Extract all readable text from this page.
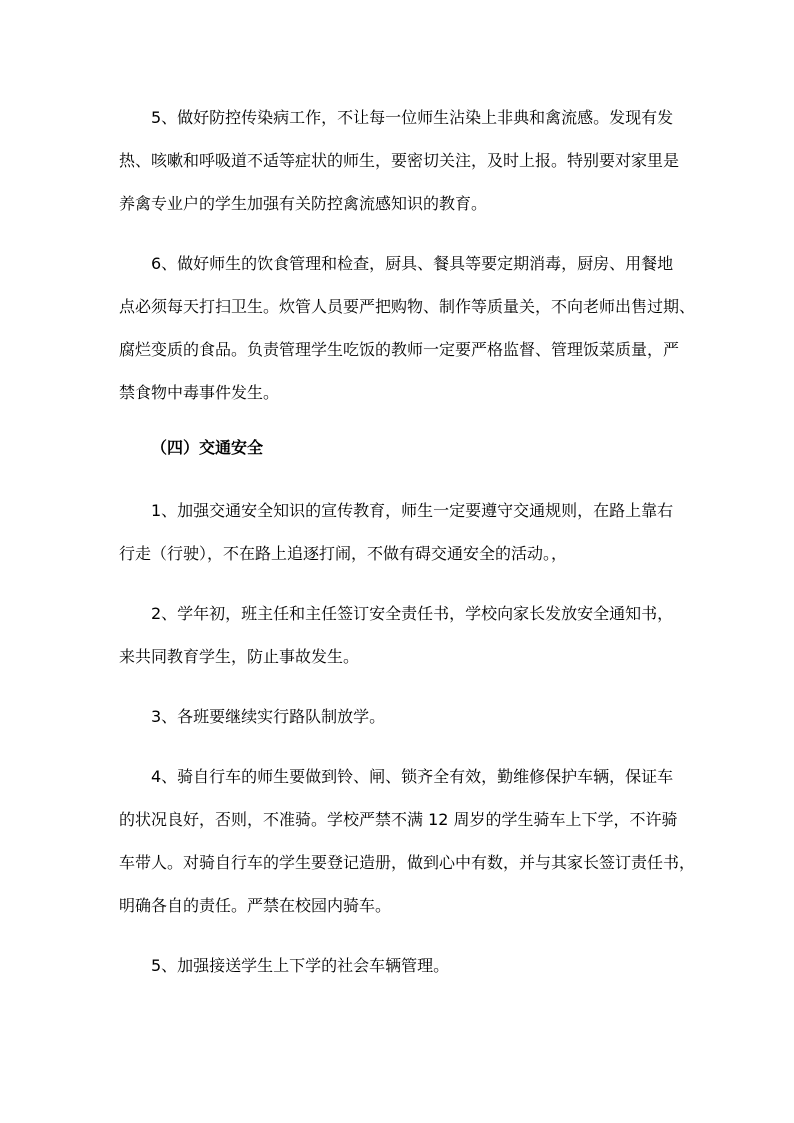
5、做好防控传染病工作，不让每一位师生沾染上非典和禽流感。发现有发
热、咳嗽和呼吸道不适等症状的师生，要密切关注，及时上报。特别要对家里是
养禽专业户的学生加强有关防控禽流感知识的教育。
6、做好师生的饮食管理和检查，厨具、餐具等要定期消毒，厨房、用餐地
点必须每天打扫卫生。炊管人员要严把购物、制作等质量关，不向老师出售过期、
腐烂变质的食品。负责管理学生吃饭的教师一定要严格监督、管理饭菜质量，严
禁食物中毒事件发生。
（四）交通安全
1、加强交通安全知识的宣传教育，师生一定要遵守交通规则，在路上靠右
行走（行驶），不在路上追逐打闹，不做有碍交通安全的活动。，
2、学年初，班主任和主任签订安全责任书，学校向家长发放安全通知书，
来共同教育学生，防止事故发生。
3、各班要继续实行路队制放学。
4、骑自行车的师生要做到铃、闸、锁齐全有效，勤维修保护车辆，保证车
的状况良好，否则，不准骑。学校严禁不满 12 周岁的学生骑车上下学，不许骑
车带人。对骑自行车的学生要登记造册，做到心中有数，并与其家长签订责任书，
明确各自的责任。严禁在校园内骑车。
5、加强接送学生上下学的社会车辆管理。
